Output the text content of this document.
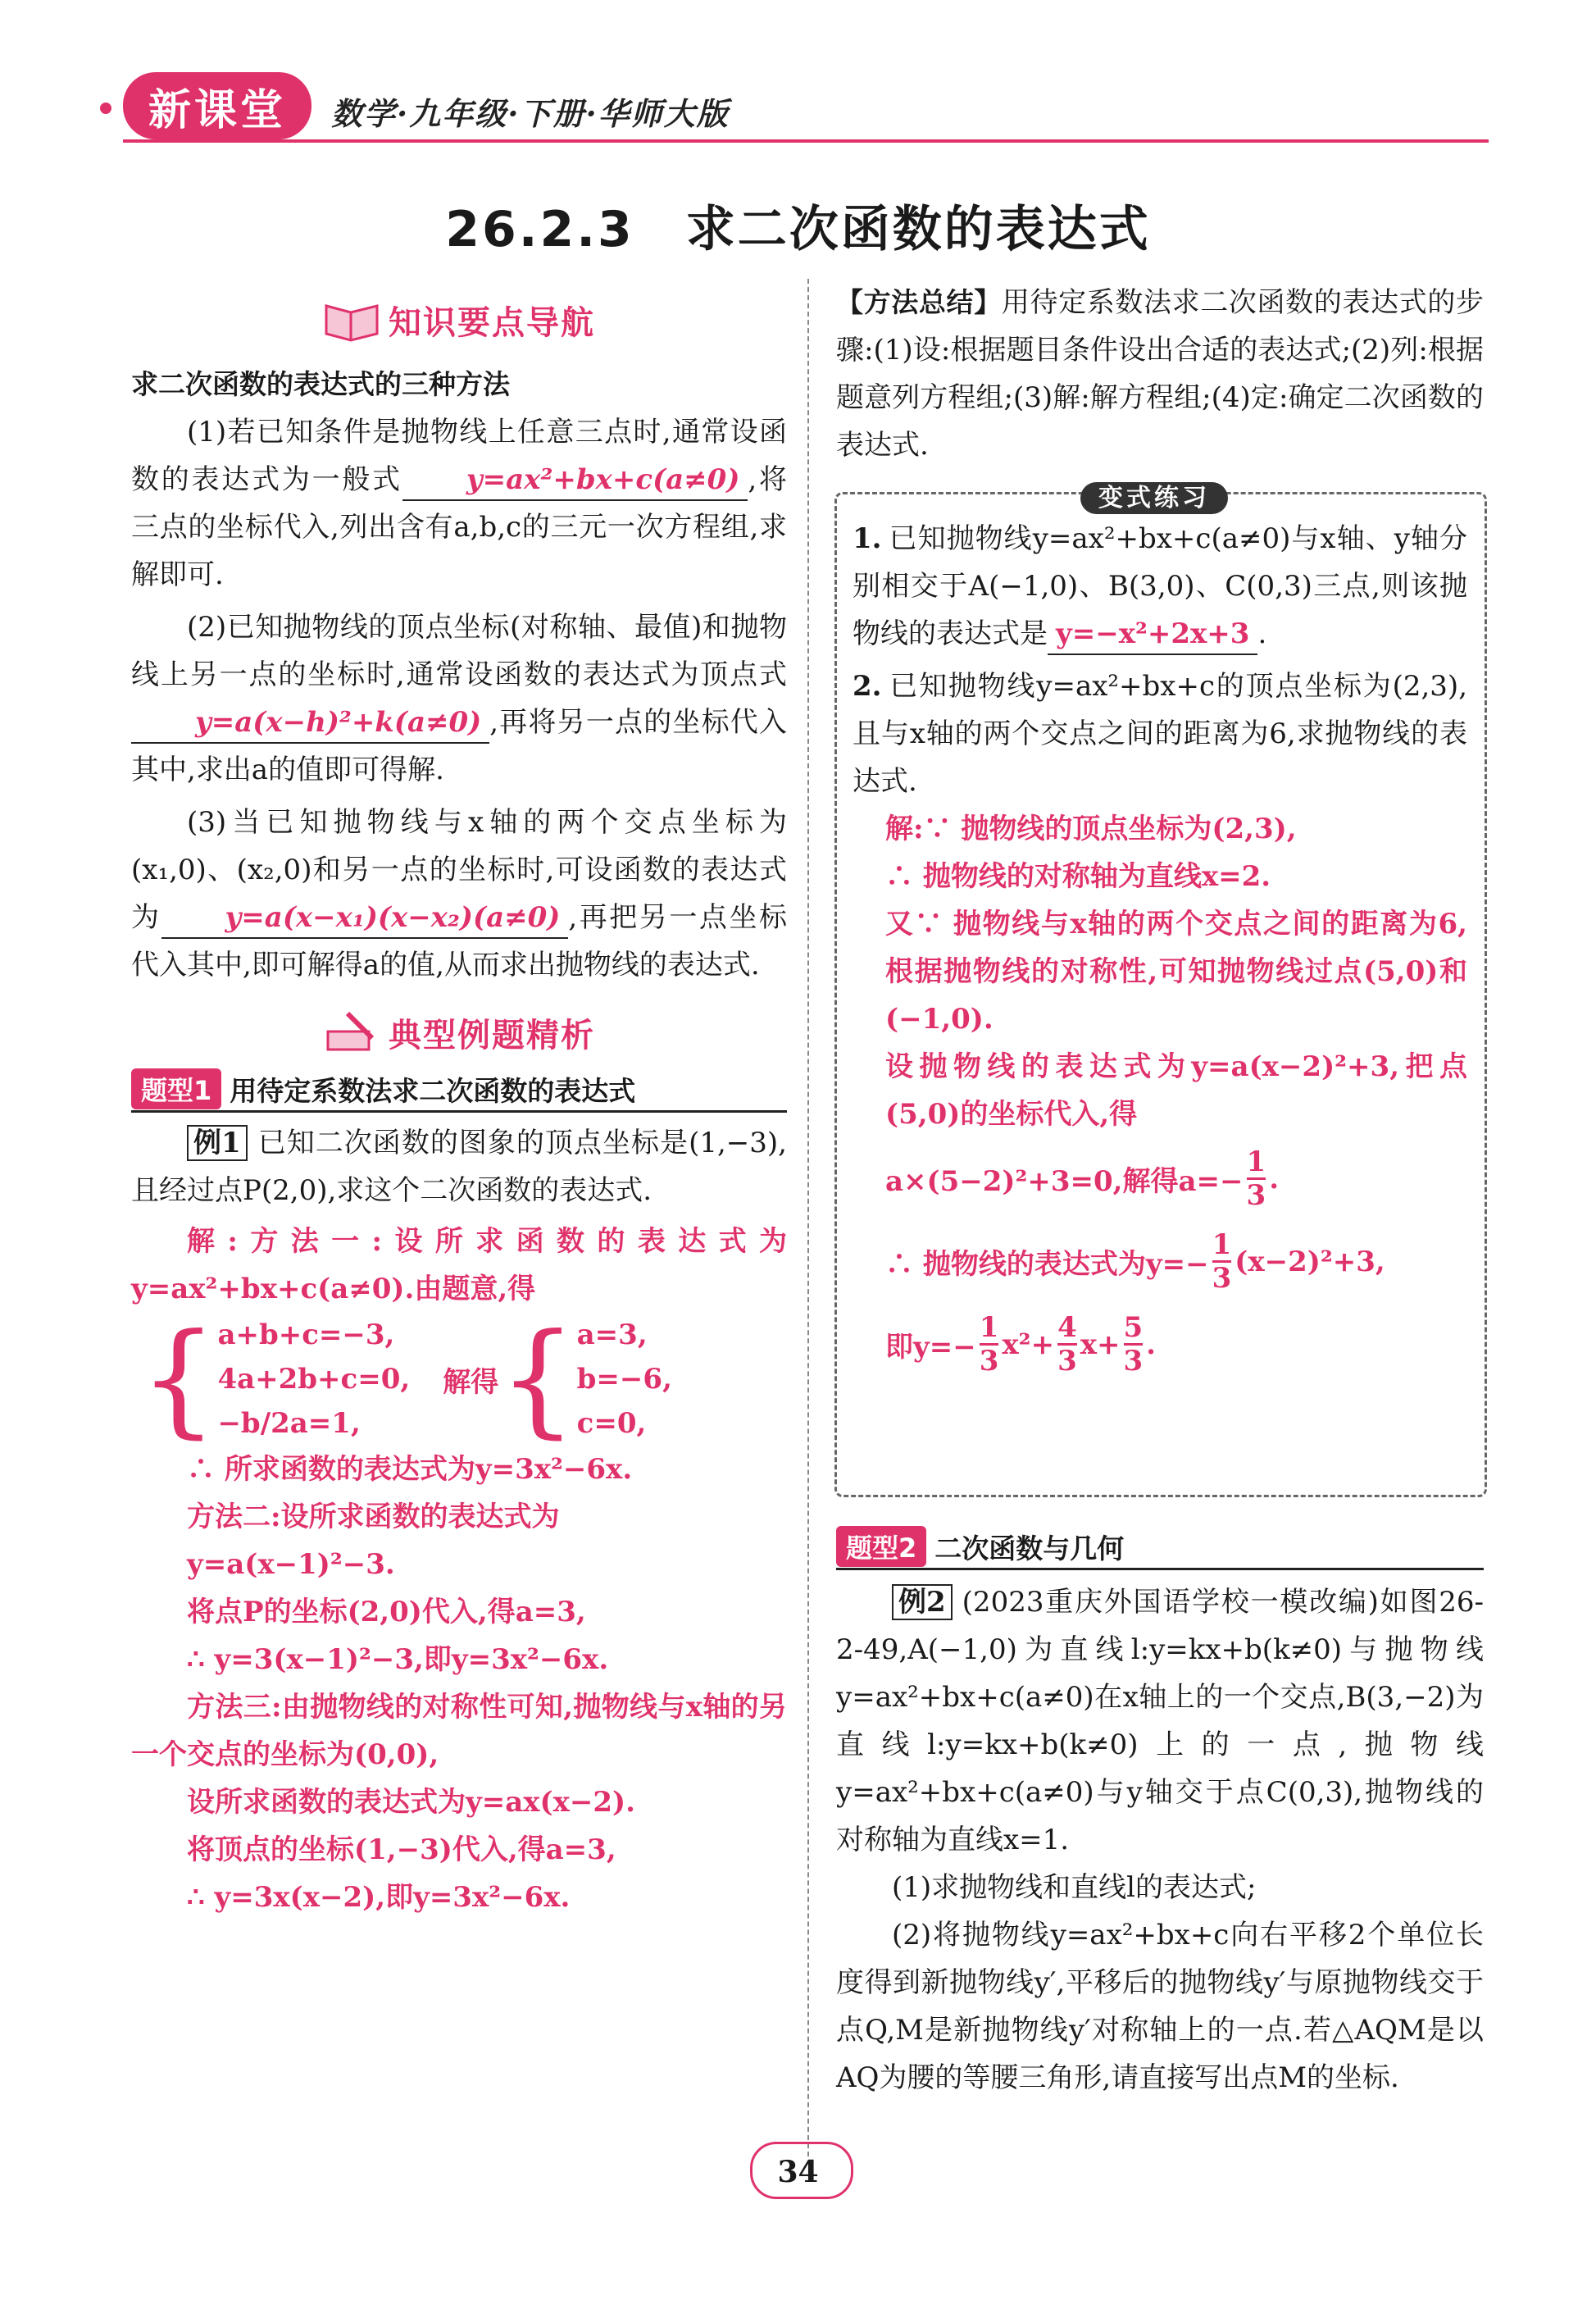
新课堂	数学·九年级·下册·华师大版
26.2.3　求二次函数的表达式
知识要点导航
求二次函数的表达式的三种方法
(1)若已知条件是抛物线上任意三点时,通常设函数的表达式为一般式 y=ax²+bx+c(a≠0) ,将三点的坐标代入,列出含有a,b,c的三元一次方程组,求解即可.
(2)已知抛物线的顶点坐标(对称轴、最值)和抛物线上另一点的坐标时,通常设函数的表达式为顶点式y=a(x−h)²+k(a≠0) ,再将另一点的坐标代入其中,求出a的值即可得解.
(3)当已知抛物线与x轴的两个交点坐标为(x₁,0)、(x₂,0)和另一点的坐标时,可设函数的表达式为 y=a(x−x₁)(x−x₂)(a≠0) ,再把另一点坐标代入其中,即可解得a的值,从而求出抛物线的表达式.
典型例题精析
题型1 用待定系数法求二次函数的表达式
例1 已知二次函数的图象的顶点坐标是(1,−3),且经过点P(2,0),求这个二次函数的表达式.
解:方法一:设所求函数的表达式为y=ax²+bx+c(a≠0).由题意,得
{ a+b+c=−3,
4a+2b+c=0,
−b/2a=1,
解得 { a=3,
b=−6,
c=0,
∴ 所求函数的表达式为y=3x²−6x.
方法二:设所求函数的表达式为
y=a(x−1)²−3.
将点P的坐标(2,0)代入,得a=3,
∴ y=3(x−1)²−3,即y=3x²−6x.
方法三:由抛物线的对称性可知,抛物线与x轴的另一个交点的坐标为(0,0),
设所求函数的表达式为y=ax(x−2).
将顶点的坐标(1,−3)代入,得a=3,
∴ y=3x(x−2),即y=3x²−6x.
【方法总结】用待定系数法求二次函数的表达式的步骤:(1)设:根据题目条件设出合适的表达式;(2)列:根据题意列方程组;(3)解:解方程组;(4)定:确定二次函数的表达式.
变式练习
1. 已知抛物线y=ax²+bx+c(a≠0)与x轴、y轴分别相交于A(−1,0)、B(3,0)、C(0,3)三点,则该抛物线的表达式是 y=−x²+2x+3 .
2. 已知抛物线y=ax²+bx+c的顶点坐标为(2,3),且与x轴的两个交点之间的距离为6,求抛物线的表达式.
解:∵ 抛物线的顶点坐标为(2,3),
∴ 抛物线的对称轴为直线x=2.
又∵ 抛物线与x轴的两个交点之间的距离为6,根据抛物线的对称性,可知抛物线过点(5,0)和(−1,0).
设抛物线的表达式为y=a(x−2)²+3,把点(5,0)的坐标代入,得
a×(5−2)²+3=0,解得$a=- \frac{1}{3}$ .
∴ 抛物线的表达式为$y=- \frac{1}{3} (x-2)^2+3$,
即$y=- \frac{1}{3} x^2+ \frac{4}{3} x+ \frac{5}{3}$ .
题型2 二次函数与几何
例2 (2023重庆外国语学校一模改编)如图26-2-49,A(−1,0)为直线l:y=kx+b(k≠0)与抛物线y=ax²+bx+c(a≠0)在x轴上的一个交点,B(3,−2)为直线l:y=kx+b(k≠0)上的一点,抛物线y=ax²+bx+c(a≠0)与y轴交于点C(0,3),抛物线的对称轴为直线x=1.
(1)求抛物线和直线l的表达式;
(2)将抛物线y=ax²+bx+c向右平移2个单位长度得到新抛物线y′,平移后的抛物线y′与原抛物线交于点Q,M是新抛物线y′对称轴上的一点.若△AQM是以AQ为腰的等腰三角形,请直接写出点M的坐标.
34
